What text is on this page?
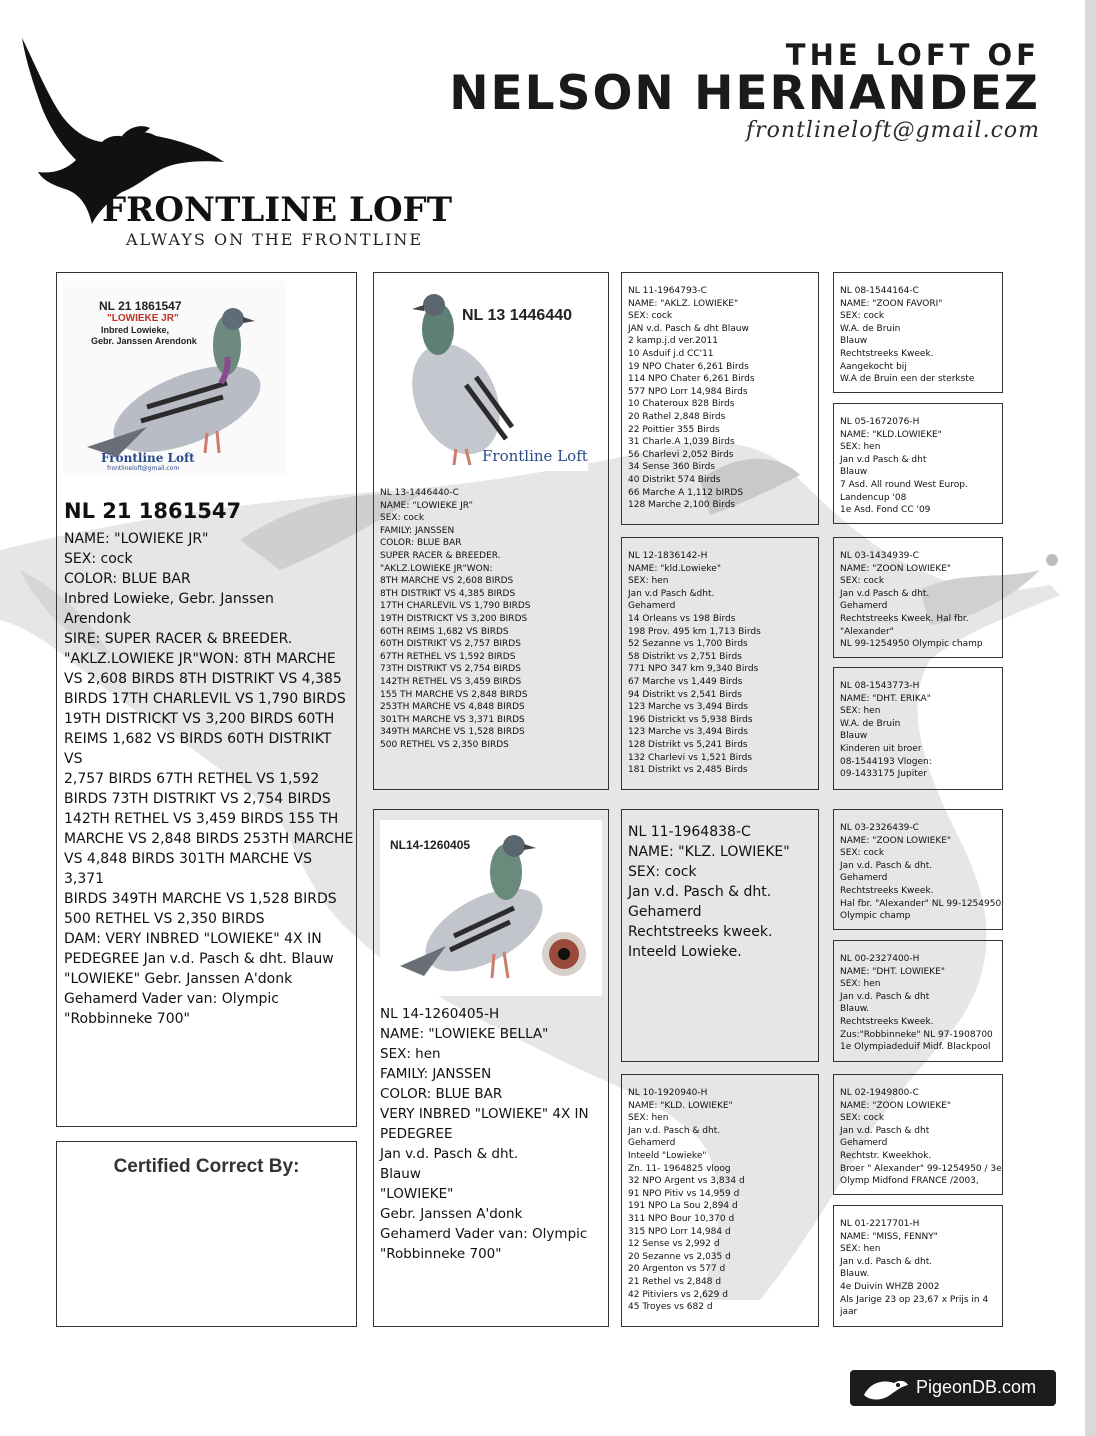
THE LOFT OF
NELSON HERNANDEZ
frontlineloft@gmail.com
FRONTLINE LOFT
ALWAYS ON THE FRONTLINE
NL 21 1861547
"LOWIEKE JR"
Inbred Lowieke,
Gebr. Janssen Arendonk
Frontline Loft
frontlineloft@gmail.com
NL 21 1861547
NAME: "LOWIEKE JR"
SEX: cock
COLOR: BLUE BAR
Inbred Lowieke, Gebr. Janssen
Arendonk
SIRE: SUPER RACER & BREEDER.
"AKLZ.LOWIEKE JR"WON: 8TH MARCHE
VS 2,608 BIRDS 8TH DISTRIKT VS 4,385
BIRDS 17TH CHARLEVIL VS 1,790 BIRDS
19TH DISTRICKT VS 3,200 BIRDS 60TH
REIMS 1,682 VS BIRDS 60TH DISTRIKT VS
2,757 BIRDS 67TH RETHEL VS 1,592
BIRDS 73TH DISTRIKT VS 2,754 BIRDS
142TH RETHEL VS 3,459 BIRDS 155 TH
MARCHE VS 2,848 BIRDS 253TH MARCHE
VS 4,848 BIRDS 301TH MARCHE VS 3,371
BIRDS 349TH MARCHE VS 1,528 BIRDS
500 RETHEL VS 2,350 BIRDS
DAM: VERY INBRED "LOWIEKE" 4X IN
PEDEGREE Jan v.d. Pasch & dht. Blauw
"LOWIEKE" Gebr. Janssen A'donk
Gehamerd Vader van: Olympic
"Robbinneke 700"
Certified Correct By:
NL 13 1446440
Frontline Loft
NL 13-1446440-C
NAME: “LOWIEKE JR”
SEX: cock
FAMILY: JANSSEN
COLOR: BLUE BAR
SUPER RACER & BREEDER.
"AKLZ.LOWIEKE JR"WON:
8TH MARCHE VS 2,608 BIRDS
8TH DISTRIKT VS 4,385 BIRDS
17TH CHARLEVIL VS 1,790 BIRDS
19TH DISTRICKT VS 3,200 BIRDS
60TH REIMS 1,682 VS BIRDS
60TH DISTRIKT VS 2,757 BIRDS
67TH RETHEL VS 1,592 BIRDS
73TH DISTRIKT VS 2,754 BIRDS
142TH RETHEL VS 3,459 BIRDS
155 TH MARCHE VS 2,848 BIRDS
253TH MARCHE VS 4,848 BIRDS
301TH MARCHE VS 3,371 BIRDS
349TH MARCHE VS 1,528 BIRDS
500 RETHEL VS 2,350 BIRDS
NL14-1260405
NL 14-1260405-H
NAME: "LOWIEKE BELLA"
SEX: hen
FAMILY: JANSSEN
COLOR: BLUE BAR
VERY INBRED "LOWIEKE" 4X IN
PEDEGREE
Jan v.d. Pasch & dht.
Blauw
"LOWIEKE"
Gebr. Janssen A'donk
Gehamerd Vader van: Olympic
"Robbinneke 700"
NL 11-1964793-C
NAME: "AKLZ. LOWIEKE"
SEX: cock
JAN v.d. Pasch & dht Blauw
2 kamp.j.d ver.2011
10 Asduif j.d CC'11
19 NPO Chater 6,261 Birds
114 NPO Chater 6,261 Birds
577 NPO Lorr 14,984 Birds
10 Chateroux 828 Birds
20 Rathel 2,848 Birds
22 Poittier 355 Birds
31 Charle.A 1,039 Birds
56 Charlevi 2,052 Birds
34 Sense 360 Birds
40 Distrikt 574 Birds
66 Marche A 1,112 bIRDS
128 Marche 2,100 Birds
NL 12-1836142-H
NAME: "kld.Lowieke"
SEX: hen
Jan v.d Pasch &dht.
Gehamerd
14 Orleans vs 198 Birds
198 Prov. 495 km 1,713 Birds
52 Sezanne vs 1,700 Birds
58 Distrikt vs 2,751 Birds
771 NPO 347 km 9,340 Birds
67 Marche vs 1,449 Birds
94 Distrikt vs 2,541 Birds
123 Marche vs 3,494 Birds
196 Districkt vs 5,938 Birds
123 Marche vs 3,494 Birds
128 Distrikt vs 5,241 Birds
132 Charlevi vs 1,521 Birds
181 Distrikt vs 2,485 Birds
NL 11-1964838-C
NAME: "KLZ. LOWIEKE"
SEX: cock
Jan v.d. Pasch & dht.
Gehamerd
Rechtstreeks kweek.
Inteeld Lowieke.
NL 10-1920940-H
NAME: "KLD. LOWIEKE"
SEX: hen
Jan v.d. Pasch & dht.
Gehamerd
Inteeld "Lowieke"
Zn. 11- 1964825 vloog
32 NPO Argent vs 3,834 d
91 NPO Pitiv vs 14,959 d
191 NPO La Sou 2,894 d
311 NPO Bour 10,370 d
315 NPO Lorr 14,984 d
12 Sense vs 2,992 d
20 Sezanne vs 2,035 d
20 Argenton vs 577 d
21 Rethel vs 2,848 d
42 Pitiviers vs 2,629 d
45 Troyes vs 682 d
NL 08-1544164-C
NAME: "ZOON FAVORI"
SEX: cock
W.A. de Bruin
Blauw
Rechtstreeks Kweek.
Aangekocht bij
W.A de Bruin een der sterkste
NL 05-1672076-H
NAME: "KLD.LOWIEKE"
SEX: hen
Jan v.d Pasch & dht
Blauw
7 Asd. All round West Europ.
Landencup '08
1e Asd. Fond CC '09
NL 03-1434939-C
NAME: "ZOON LOWIEKE"
SEX: cock
Jan v.d Pasch & dht.
Gehamerd
Rechtstreeks Kweek. Hal fbr.
"Alexander"
NL 99-1254950 Olympic champ
NL 08-1543773-H
NAME: "DHT. ERIKA"
SEX: hen
W.A. de Bruin
Blauw
Kinderen uit broer
08-1544193 Vlogen:
09-1433175 Jupiter
NL 03-2326439-C
NAME: "ZOON LOWIEKE"
SEX: cock
Jan v.d. Pasch & dht.
Gehamerd
Rechtstreeks Kweek.
Hal fbr. "Alexander" NL 99-1254950
Olympic champ
NL 00-2327400-H
NAME: "DHT. LOWIEKE"
SEX: hen
Jan v.d. Pasch & dht
Blauw.
Rechtstreeks Kweek.
Zus:"Robbinneke" NL 97-1908700
1e Olympiadeduif Midf. Blackpool
NL 02-1949800-C
NAME: "ZOON LOWIEKE"
SEX: cock
Jan v.d. Pasch & dht
Gehamerd
Rechtstr. Kweekhok.
Broer " Alexander" 99-1254950 / 3e
Olymp Midfond FRANCE /2003,
NL 01-2217701-H
NAME: "MISS, FENNY"
SEX: hen
Jan v.d. Pasch & dht.
Blauw.
4e Duivin WHZB 2002
Als Jarige 23 op 23,67 x Prijs in 4
jaar
PigeonDB.com
